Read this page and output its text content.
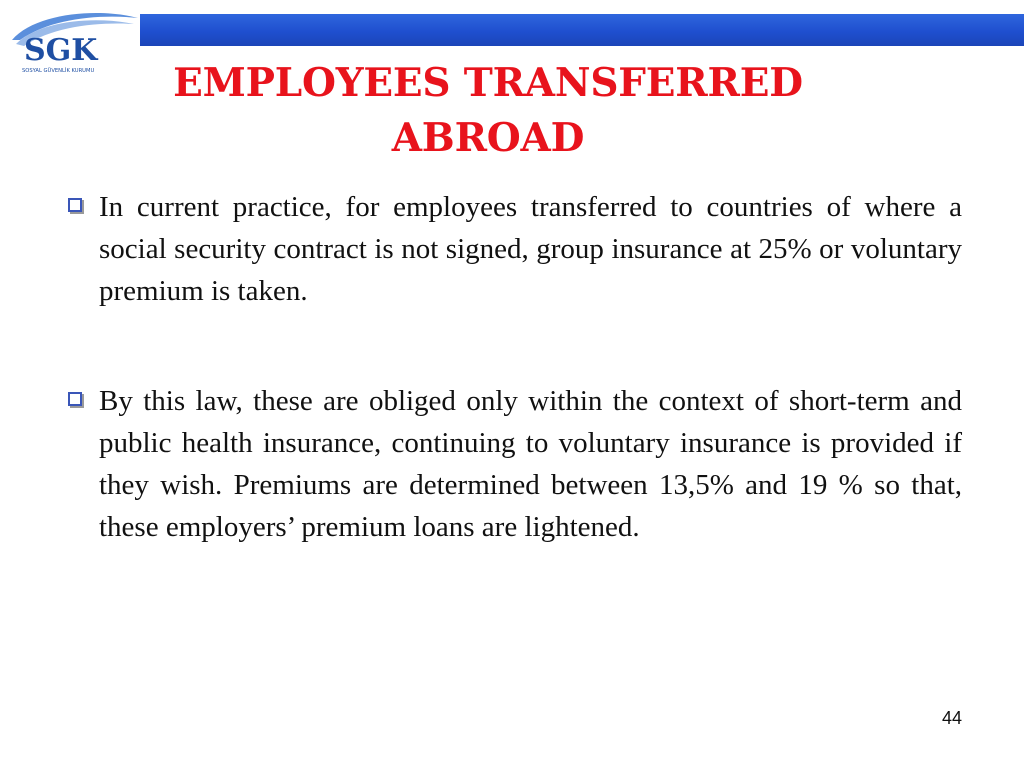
SGK
SOSYAL GÜVENLİK KURUMU	EMPLOYEES TRANSFERRED
ABROAD

In current practice, for employees transferred to countries of where a social security contract is not signed, group insurance at 25% or voluntary premium is taken.

By this law, these are obliged only within the context of short-term and public health insurance, continuing to voluntary insurance is provided if they wish. Premiums are determined between 13,5% and 19 % so that, these employers’ premium loans are lightened.

44
